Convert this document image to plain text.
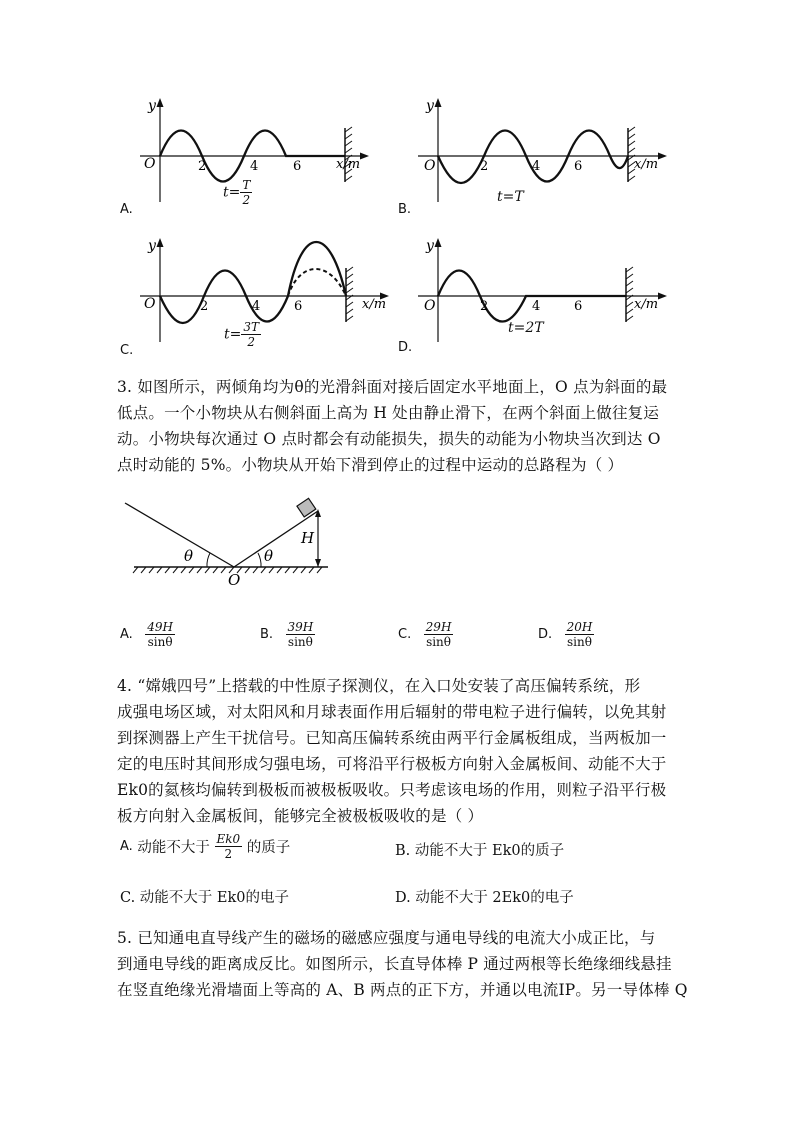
y
O	2	4	6	x/m
$t= \frac{T}{2}$
A.
y
O	2	4	6	x/m
t=T
B.
y
O	2	4	6	x/m
$t= \frac{3T}{2}$
C.
y
O	2	4	6	x/m
t=2T
D.
3. 如图所示，两倾角均为θ的光滑斜面对接后固定水平地面上，O 点为斜面的最
低点。一个小物块从右侧斜面上高为 H 处由静止滑下，在两个斜面上做往复运
动。小物块每次通过 O 点时都会有动能损失，损失的动能为小物块当次到达 O
点时动能的 5%。小物块从开始下滑到停止的过程中运动的总路程为（ ）
θ	θ
H
O
A. $\frac{49H}{\sin\theta}$	B. $\frac{39H}{\sin\theta}$	C. $\frac{29H}{\sin\theta}$	D. $\frac{20H}{\sin\theta}$
4. “嫦娥四号”上搭载的中性原子探测仪，在入口处安装了高压偏转系统，形
成强电场区域，对太阳风和月球表面作用后辐射的带电粒子进行偏转，以免其射
到探测器上产生干扰信号。已知高压偏转系统由两平行金属板组成，当两板加一
定的电压时其间形成匀强电场，可将沿平行极板方向射入金属板间、动能不大于
Ek0的氦核均偏转到极板而被极板吸收。只考虑该电场的作用，则粒子沿平行极
板方向射入金属板间，能够完全被极板吸收的是（ ）
A. 动能不大于 $\frac{Ek0}{2}$ 的质子	B. 动能不大于 Ek0的质子
C. 动能不大于 Ek0的电子	D. 动能不大于 2Ek0的电子
5. 已知通电直导线产生的磁场的磁感应强度与通电导线的电流大小成正比，与
到通电导线的距离成反比。如图所示，长直导体棒 P 通过两根等长绝缘细线悬挂
在竖直绝缘光滑墙面上等高的 A、B 两点的正下方，并通以电流IP。另一导体棒 Q
